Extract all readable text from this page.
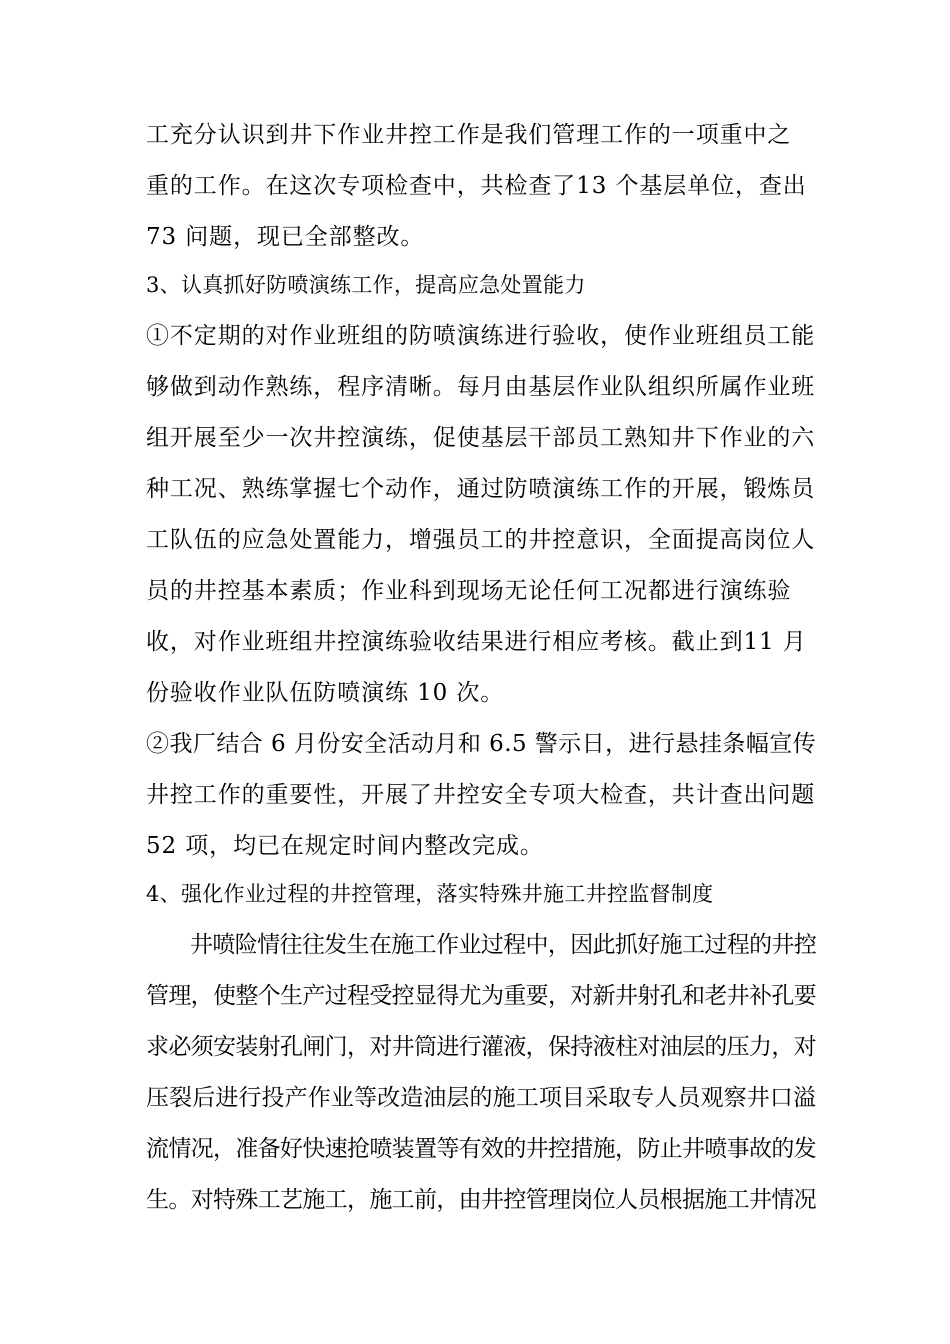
工充分认识到井下作业井控工作是我们管理工作的一项重中之
重的工作。在这次专项检查中，共检查了13 个基层单位，查出
73 问题，现已全部整改。
3、认真抓好防喷演练工作，提高应急处置能力
①不定期的对作业班组的防喷演练进行验收，使作业班组员工能
够做到动作熟练，程序清晰。每月由基层作业队组织所属作业班
组开展至少一次井控演练，促使基层干部员工熟知井下作业的六
种工况、熟练掌握七个动作，通过防喷演练工作的开展，锻炼员
工队伍的应急处置能力，增强员工的井控意识，全面提高岗位人
员的井控基本素质；作业科到现场无论任何工况都进行演练验
收，对作业班组井控演练验收结果进行相应考核。截止到11 月
份验收作业队伍防喷演练 10 次。
②我厂结合 6 月份安全活动月和 6.5 警示日，进行悬挂条幅宣传
井控工作的重要性，开展了井控安全专项大检查，共计查出问题
52 项，均已在规定时间内整改完成。
4、强化作业过程的井控管理，落实特殊井施工井控监督制度
井喷险情往往发生在施工作业过程中，因此抓好施工过程的井控
管理，使整个生产过程受控显得尤为重要，对新井射孔和老井补孔要
求必须安装射孔闸门，对井筒进行灌液，保持液柱对油层的压力，对
压裂后进行投产作业等改造油层的施工项目采取专人员观察井口溢
流情况，准备好快速抢喷装置等有效的井控措施，防止井喷事故的发
生。对特殊工艺施工，施工前，由井控管理岗位人员根据施工井情况
